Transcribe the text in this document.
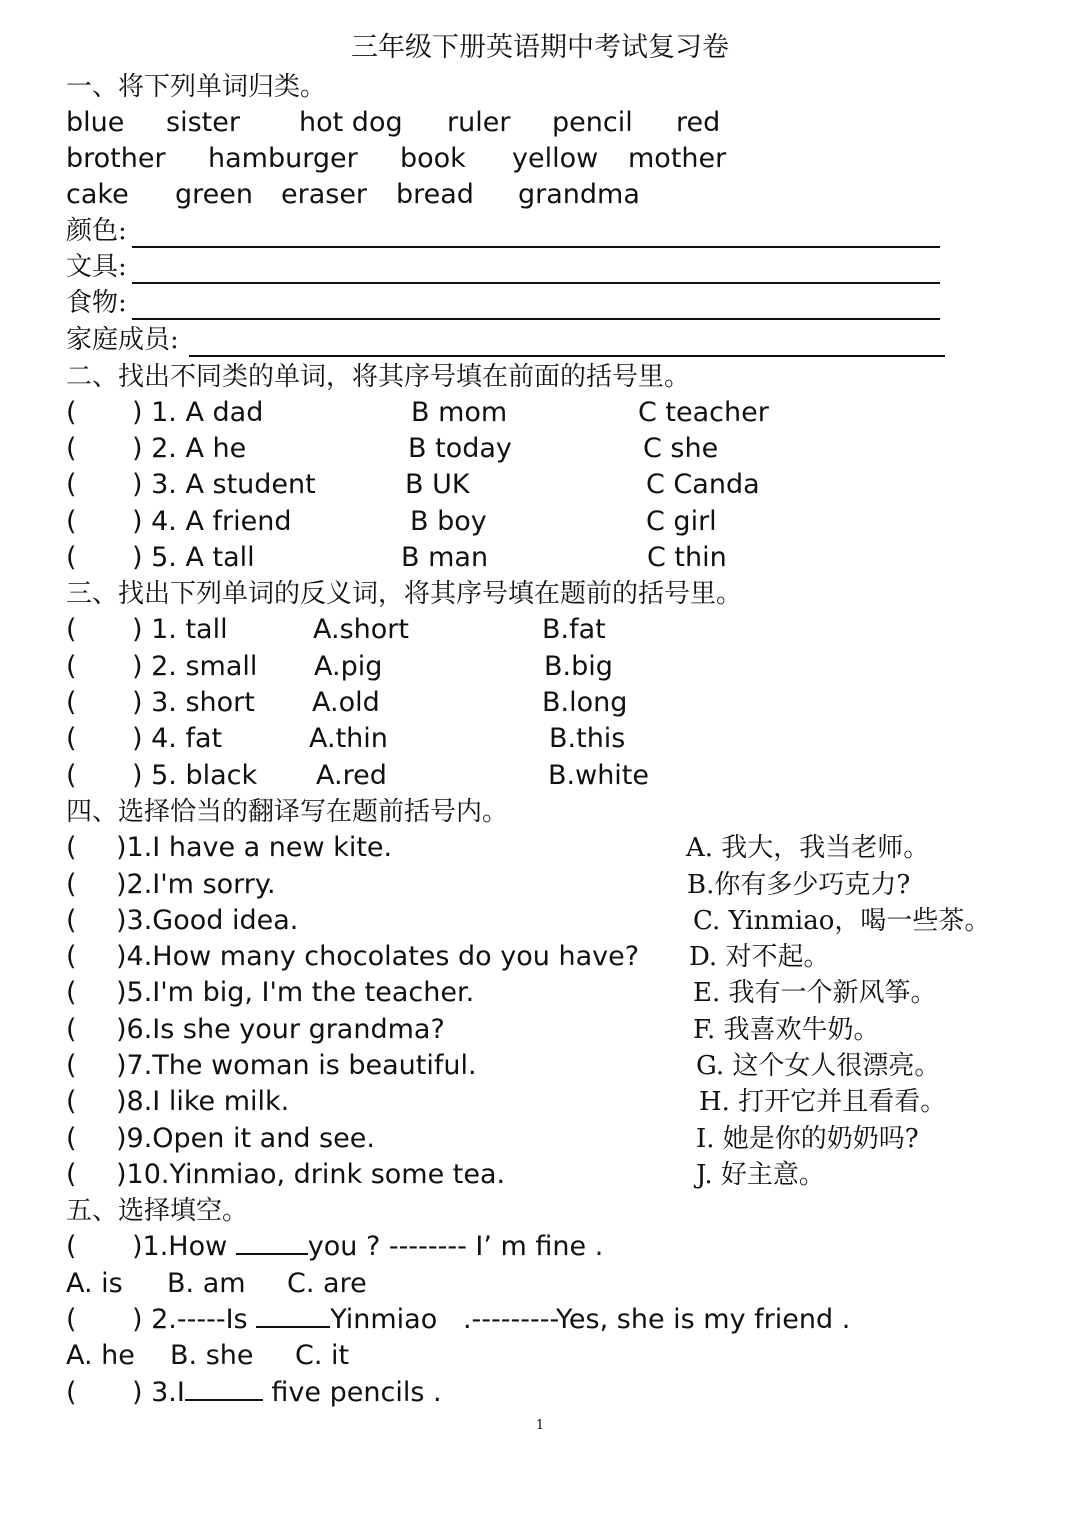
三年级下册英语期中考试复习卷
一、将下列单词归类。
blue sister hot dog ruler pencil red
brother hamburger book yellow mother
cake green eraser bread grandma
颜色:
文具:
食物:
家庭成员:
二、找出不同类的单词，将其序号填在前面的括号里。
( ) 1. A dad	B mom	C teacher
( ) 2. A he	B today	C she
( ) 3. A student	B UK	C Canda
( ) 4. A friend	B boy	C girl
( ) 5. A tall	B man	C thin
三、找出下列单词的反义词，将其序号填在题前的括号里。
( ) 1. tall	A.short	B.fat
( ) 2. small A.pig	B.big
( ) 3. short A.old	B.long
( ) 4. fat	A.thin	B.this
( ) 5. black A.red	B.white
四、选择恰当的翻译写在题前括号内。
( )1.I have a new kite.	A. 我大，我当老师。
( )2.I'm sorry.	B.你有多少巧克力?
( )3.Good idea.	C. Yinmiao，喝一些茶。
( )4.How many chocolates do you have? D. 对不起。
( )5.I'm big, I'm the teacher.	E. 我有一个新风筝。
( )6.Is she your grandma?	F. 我喜欢牛奶。
( )7.The woman is beautiful.	G. 这个女人很漂亮。
( )8.I like milk.	H. 打开它并且看看。
( )9.Open it and see.	I. 她是你的奶奶吗?
( )10.Yinmiao, drink some tea.	J. 好主意。
五、选择填空。
( )1.How	you ? -------- I’ m fine .
A. is B. am C. are
( ) 2.-----Is	Yinmiao   .---------Yes, she is my friend .
A. he B. she C. it
( ) 3.I	five pencils .
1
